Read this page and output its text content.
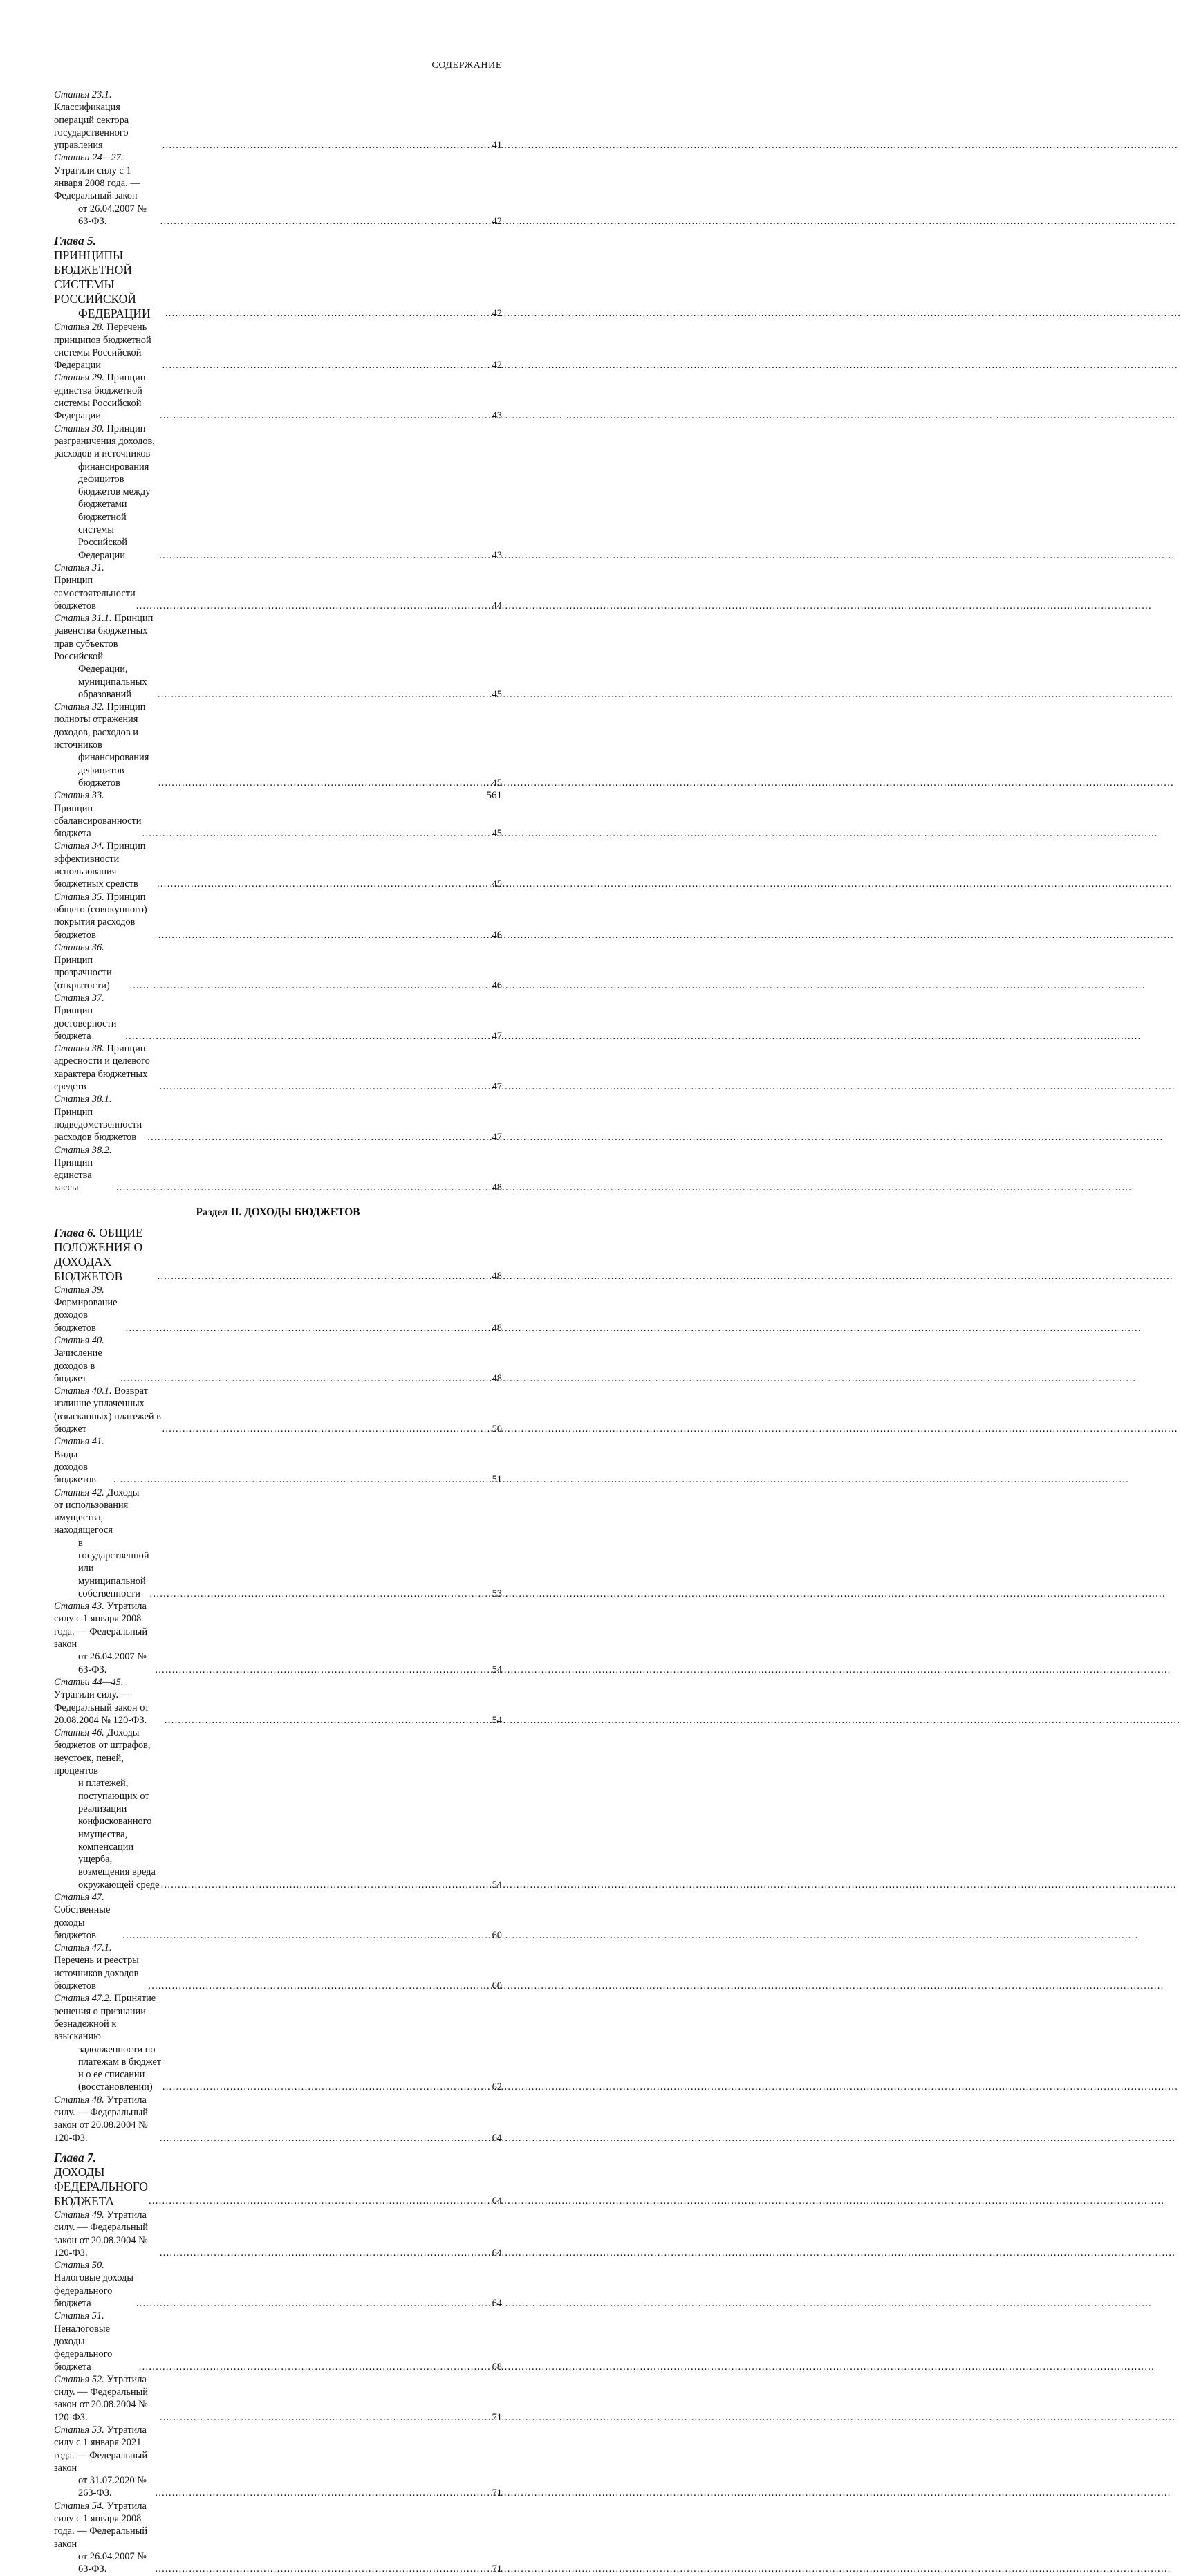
СОДЕРЖАНИЕ
Статья 23.1. Классификация операций сектора государственного управления .....	41
Статьи 24—27. Утратили силу с 1 января 2008 года. — Федеральный закон
от 26.04.2007 № 63-ФЗ. .....	42
Глава 5. ПРИНЦИПЫ БЮДЖЕТНОЙ СИСТЕМЫ РОССИЙСКОЙ
ФЕДЕРАЦИИ .....	42
Статья 28. Перечень принципов бюджетной системы Российской Федерации .....	42
Статья 29. Принцип единства бюджетной системы Российской Федерации .....	43
Статья 30. Принцип разграничения доходов, расходов и источников
финансирования дефицитов бюджетов между бюджетами бюджетной
системы Российской Федерации .....	43
Статья 31. Принцип самостоятельности бюджетов .....	44
Статья 31.1. Принцип равенства бюджетных прав субъектов Российской
Федерации, муниципальных образований .....	45
Статья 32. Принцип полноты отражения доходов, расходов и источников
финансирования дефицитов бюджетов .....	45
Статья 33. Принцип сбалансированности бюджета .....	45
Статья 34. Принцип эффективности использования бюджетных средств .....	45
Статья 35. Принцип общего (совокупного) покрытия расходов бюджетов .....	46
Статья 36. Принцип прозрачности (открытости) .....	46
Статья 37. Принцип достоверности бюджета .....	47
Статья 38. Принцип адресности и целевого характера бюджетных средств .....	47
Статья 38.1. Принцип подведомственности расходов бюджетов .....	47
Статья 38.2. Принцип единства кассы .....	48
Раздел II. ДОХОДЫ БЮДЖЕТОВ
Глава 6. ОБЩИЕ ПОЛОЖЕНИЯ О ДОХОДАХ БЮДЖЕТОВ .....	48
Статья 39. Формирование доходов бюджетов .....	48
Статья 40. Зачисление доходов в бюджет .....	48
Статья 40.1. Возврат излишне уплаченных (взысканных) платежей в бюджет .....	50
Статья 41. Виды доходов бюджетов .....	51
Статья 42. Доходы от использования имущества, находящегося
в государственной или муниципальной собственности .....	53
Статья 43. Утратила силу с 1 января 2008 года. — Федеральный закон
от 26.04.2007 № 63-ФЗ. .....	54
Статьи 44—45. Утратили силу. — Федеральный закон от 20.08.2004 № 120-ФЗ. .....	54
Статья 46. Доходы бюджетов от штрафов, неустоек, пеней, процентов
и платежей, поступающих от реализации конфискованного имущества,
компенсации ущерба, возмещения вреда окружающей среде .....	54
Статья 47. Собственные доходы бюджетов .....	60
Статья 47.1. Перечень и реестры источников доходов бюджетов .....	60
Статья 47.2. Принятие решения о признании безнадежной к взысканию
задолженности по платежам в бюджет и о ее списании (восстановлении) .....	62
Статья 48. Утратила силу. — Федеральный закон от 20.08.2004 № 120-ФЗ. .....	64
Глава 7. ДОХОДЫ ФЕДЕРАЛЬНОГО БЮДЖЕТА .....	64
Статья 49. Утратила силу. — Федеральный закон от 20.08.2004 № 120-ФЗ. .....	64
Статья 50. Налоговые доходы федерального бюджета .....	64
Статья 51. Неналоговые доходы федерального бюджета .....	68
Статья 52. Утратила силу. — Федеральный закон от 20.08.2004 № 120-ФЗ. .....	71
Статья 53. Утратила силу с 1 января 2021 года. — Федеральный закон
от 31.07.2020 № 263-ФЗ. .....	71
Статья 54. Утратила силу с 1 января 2008 года. — Федеральный закон
от 26.04.2007 № 63-ФЗ. .....	71
561
